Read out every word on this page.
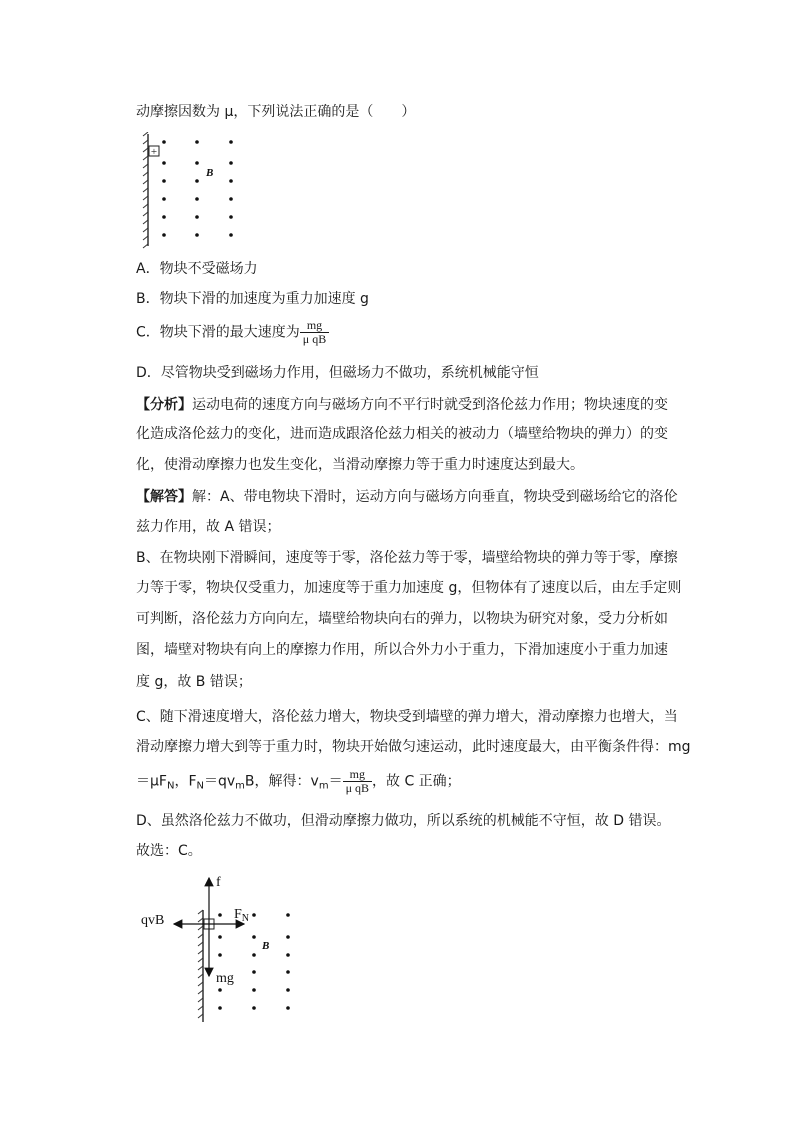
动摩擦因数为 μ，下列说法正确的是（　　）
+
B
A．物块不受磁场力
B．物块下滑的加速度为重力加速度 g
C．物块下滑的最大速度为 $\frac{mg}{\text{μ qB}}$
D．尽管物块受到磁场力作用，但磁场力不做功，系统机械能守恒
【分析】运动电荷的速度方向与磁场方向不平行时就受到洛伦兹力作用；物块速度的变
化造成洛伦兹力的变化，进而造成跟洛伦兹力相关的被动力（墙壁给物块的弹力）的变
化，使滑动摩擦力也发生变化，当滑动摩擦力等于重力时速度达到最大。
【解答】解：A、带电物块下滑时，运动方向与磁场方向垂直，物块受到磁场给它的洛伦
兹力作用，故 A 错误；
B、在物块刚下滑瞬间，速度等于零，洛伦兹力等于零，墙壁给物块的弹力等于零，摩擦
力等于零，物块仅受重力，加速度等于重力加速度 g，但物体有了速度以后，由左手定则
可判断，洛伦兹力方向向左，墙壁给物块向右的弹力，以物块为研究对象，受力分析如
图，墙壁对物块有向上的摩擦力作用，所以合外力小于重力，下滑加速度小于重力加速
度 g，故 B 错误；
C、随下滑速度增大，洛伦兹力增大，物块受到墙壁的弹力增大，滑动摩擦力也增大，当
滑动摩擦力增大到等于重力时，物块开始做匀速运动，此时速度最大，由平衡条件得：mg
$=\mu F_N$，$F_N=qv_mB$，解得：$v_m= \frac{mg}{\text{μ qB}}$ ，故 C 正确；
D、虽然洛伦兹力不做功，但滑动摩擦力做功，所以系统的机械能不守恒，故 D 错误。
故选：C。
f
qvB	$F_N$
mg
B
